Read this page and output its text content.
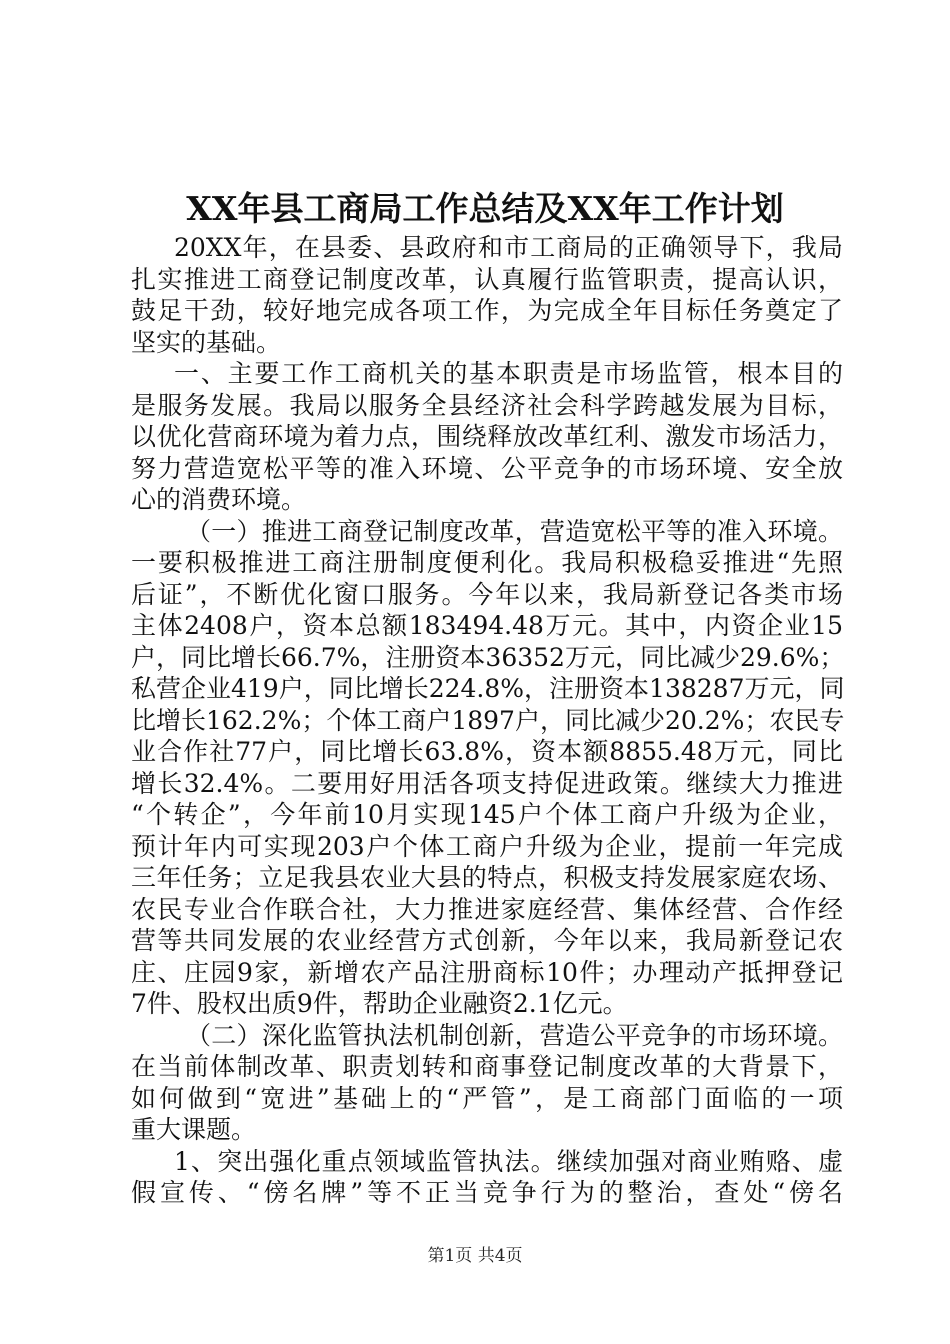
XX年县工商局工作总结及XX年工作计划
20XX年，在县委、县政府和市工商局的正确领导下，我局
扎实推进工商登记制度改革，认真履行监管职责，提高认识，
鼓足干劲，较好地完成各项工作，为完成全年目标任务奠定了
坚实的基础。
一、主要工作工商机关的基本职责是市场监管，根本目的
是服务发展。我局以服务全县经济社会科学跨越发展为目标，
以优化营商环境为着力点，围绕释放改革红利、激发市场活力，
努力营造宽松平等的准入环境、公平竞争的市场环境、安全放
心的消费环境。
（一）推进工商登记制度改革，营造宽松平等的准入环境。
一要积极推进工商注册制度便利化。我局积极稳妥推进“先照
后证”，不断优化窗口服务。今年以来，我局新登记各类市场
主体2408户，资本总额183494.48万元。其中，内资企业15
户，同比增长66.7%，注册资本36352万元，同比减少29.6%；
私营企业419户，同比增长224.8%，注册资本138287万元，同
比增长162.2%；个体工商户1897户，同比减少20.2%；农民专
业合作社77户，同比增长63.8%，资本额8855.48万元，同比
增长32.4%。二要用好用活各项支持促进政策。继续大力推进
“个转企”，今年前10月实现145户个体工商户升级为企业，
预计年内可实现203户个体工商户升级为企业，提前一年完成
三年任务；立足我县农业大县的特点，积极支持发展家庭农场、
农民专业合作联合社，大力推进家庭经营、集体经营、合作经
营等共同发展的农业经营方式创新，今年以来，我局新登记农
庄、庄园9家，新增农产品注册商标10件；办理动产抵押登记
7件、股权出质9件，帮助企业融资2.1亿元。
（二）深化监管执法机制创新，营造公平竞争的市场环境。
在当前体制改革、职责划转和商事登记制度改革的大背景下，
如何做到“宽进”基础上的“严管”，是工商部门面临的一项
重大课题。
1、突出强化重点领域监管执法。继续加强对商业贿赂、虚
假宣传、“傍名牌”等不正当竞争行为的整治，查处“傍名
第1页 共4页
